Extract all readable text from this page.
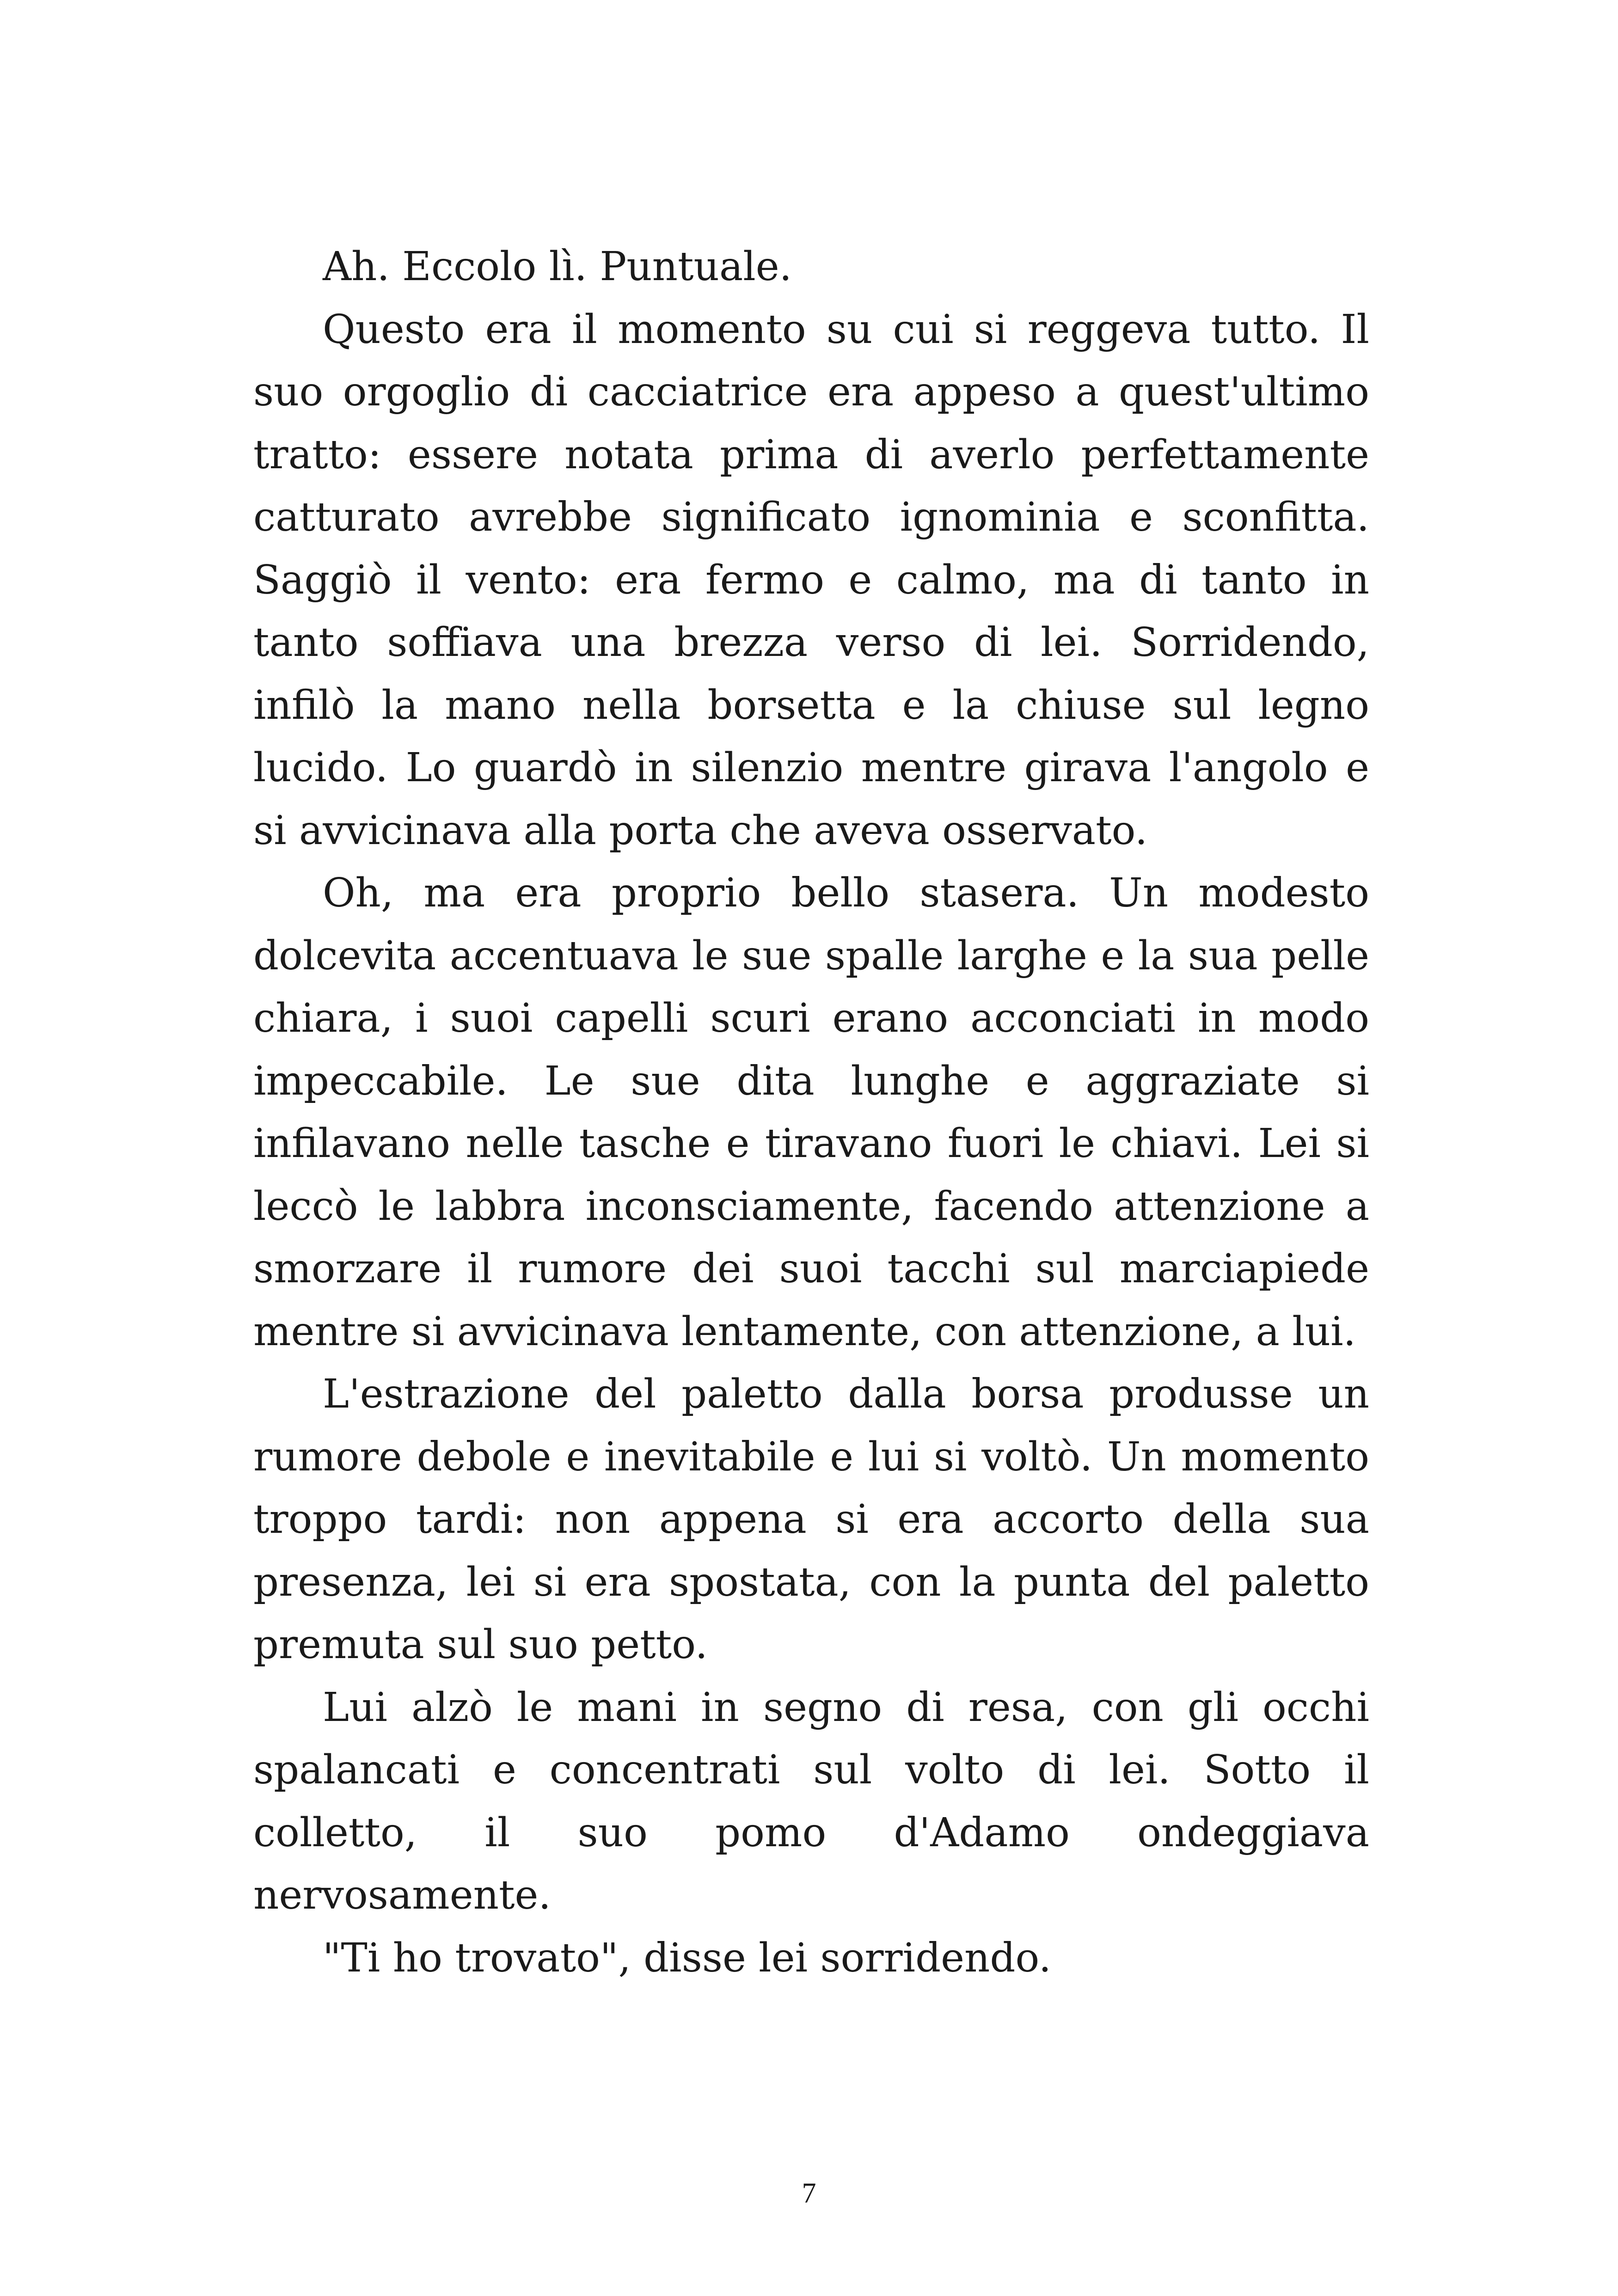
Ah. Eccolo lì. Puntuale.

Questo era il momento su cui si reggeva tutto. Il suo orgoglio di cacciatrice era appeso a quest'ultimo tratto: essere notata prima di averlo perfettamente catturato avrebbe significato ignominia e sconfitta. Saggiò il vento: era fermo e calmo, ma di tanto in tanto soffiava una brezza verso di lei. Sorridendo, infilò la mano nella borsetta e la chiuse sul legno lucido. Lo guardò in silenzio mentre girava l'angolo e si avvicinava alla porta che aveva osservato.

Oh, ma era proprio bello stasera. Un modesto dolcevita accentuava le sue spalle larghe e la sua pelle chiara, i suoi capelli scuri erano acconciati in modo impeccabile. Le sue dita lunghe e aggraziate si infilavano nelle tasche e tiravano fuori le chiavi. Lei si leccò le labbra inconsciamente, facendo attenzione a smorzare il rumore dei suoi tacchi sul marciapiede mentre si avvicinava lentamente, con attenzione, a lui.

L'estrazione del paletto dalla borsa produsse un rumore debole e inevitabile e lui si voltò. Un momento troppo tardi: non appena si era accorto della sua presenza, lei si era spostata, con la punta del paletto premuta sul suo petto.

Lui alzò le mani in segno di resa, con gli occhi spalancati e concentrati sul volto di lei. Sotto il colletto, il suo pomo d'Adamo ondeggiava nervosamente.

"Ti ho trovato", disse lei sorridendo.

7
